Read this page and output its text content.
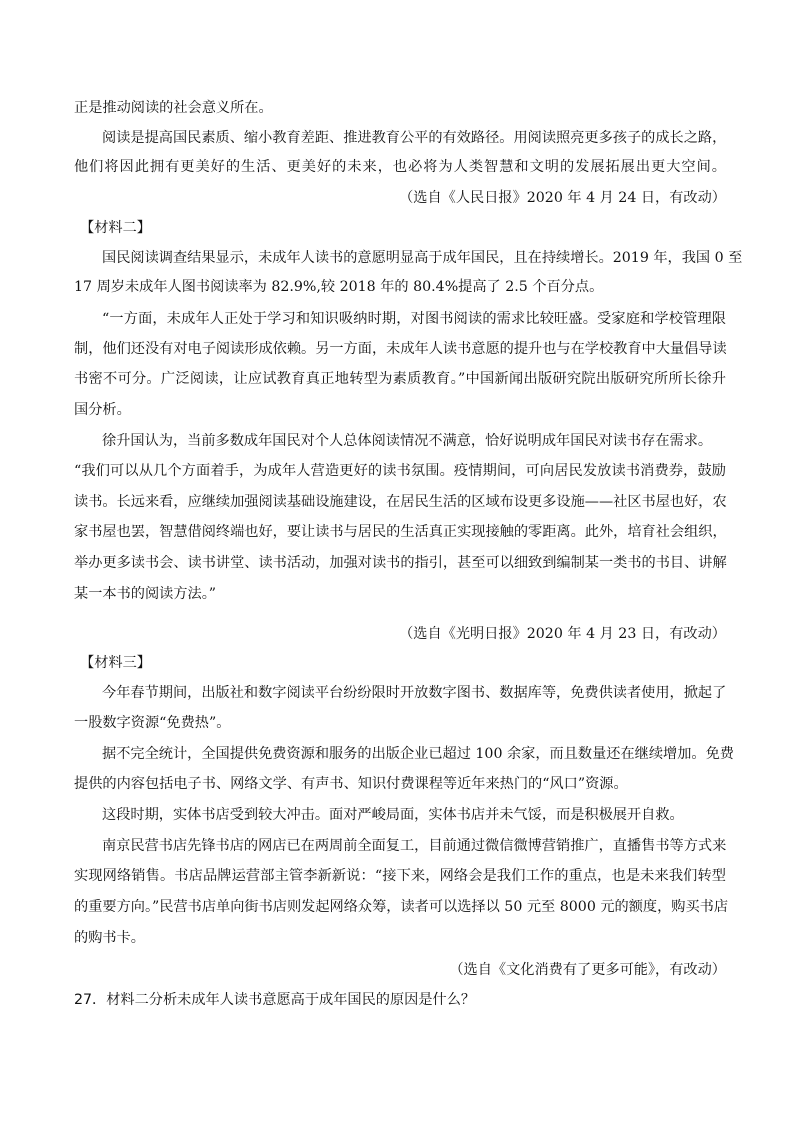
正是推动阅读的社会意义所在。

阅读是提高国民素质、缩小教育差距、推进教育公平的有效路径。用阅读照亮更多孩子的成长之路，

他们将因此拥有更美好的生活、更美好的未来，也必将为人类智慧和文明的发展拓展出更大空间。

（选自《人民日报》2020 年 4 月 24 日，有改动）

【材料二】

国民阅读调查结果显示，未成年人读书的意愿明显高于成年国民，且在持续增长。2019 年，我国 0 至

17 周岁未成年人图书阅读率为 82.9%,较 2018 年的 80.4%提高了 2.5 个百分点。

“一方面，未成年人正处于学习和知识吸纳时期，对图书阅读的需求比较旺盛。受家庭和学校管理限

制，他们还没有对电子阅读形成依赖。另一方面，未成年人读书意愿的提升也与在学校教育中大量倡导读

书密不可分。广泛阅读，让应试教育真正地转型为素质教育。”中国新闻出版研究院出版研究所所长徐升

国分析。

徐升国认为，当前多数成年国民对个人总体阅读情况不满意，恰好说明成年国民对读书存在需求。

“我们可以从几个方面着手，为成年人营造更好的读书氛围。疫情期间，可向居民发放读书消费券，鼓励

读书。长远来看，应继续加强阅读基础设施建设，在居民生活的区域布设更多设施——社区书屋也好，农

家书屋也罢，智慧借阅终端也好，要让读书与居民的生活真正实现接触的零距离。此外，培育社会组织，

举办更多读书会、读书讲堂、读书活动，加强对读书的指引，甚至可以细致到编制某一类书的书目、讲解

某一本书的阅读方法。”

（选自《光明日报》2020 年 4 月 23 日，有改动）

【材料三】

今年春节期间，出版社和数字阅读平台纷纷限时开放数字图书、数据库等，免费供读者使用，掀起了

一股数字资源“免费热”。

据不完全统计，全国提供免费资源和服务的出版企业已超过 100 余家，而且数量还在继续增加。免费

提供的内容包括电子书、网络文学、有声书、知识付费课程等近年来热门的“风口”资源。

这段时期，实体书店受到较大冲击。面对严峻局面，实体书店并未气馁，而是积极展开自救。

南京民营书店先锋书店的网店已在两周前全面复工，目前通过微信微博营销推广，直播售书等方式来

实现网络销售。书店品牌运营部主管李新新说：“接下来，网络会是我们工作的重点，也是未来我们转型

的重要方向。”民营书店单向街书店则发起网络众筹，读者可以选择以 50 元至 8000 元的额度，购买书店

的购书卡。

（选自《文化消费有了更多可能》，有改动）

27．材料二分析未成年人读书意愿高于成年国民的原因是什么？
